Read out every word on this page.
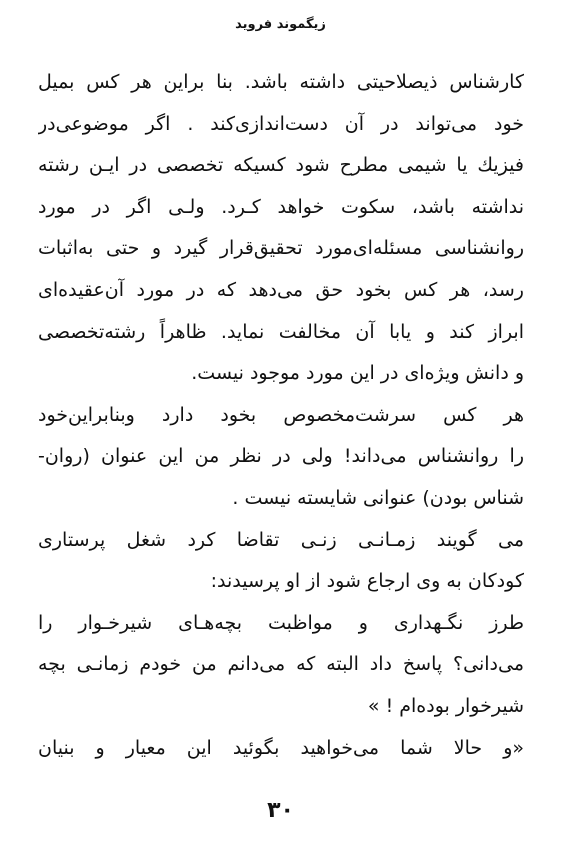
زیگموند فروید
کارشناس ذیصلاحیتی داشته باشد. بنا براین هر کس بمیل
خود می‌تواند در آن دست‌اندازی‌کند . اگر موضوعی‌در
فیزیك یا شیمی مطرح شود کسیکه تخصصی در ایـن رشته
نداشته باشد، سکوت خواهد کـرد. ولـی اگر در مورد
روانشناسی مسئله‌ای‌مورد تحقیق‌قرار گیرد و حتی به‌اثبات
رسد، هر کس بخود حق می‌دهد که در مورد آن‌عقیده‌ای
ابراز کند و یابا آن مخالفت نماید. ظاهراً رشته‌تخصصی
و دانش ویژه‌ای در این مورد موجود نیست.
هر کس سرشت‌مخصوص بخود دارد و‌بنا‌براین‌خود
را روانشناس می‌داند! ولی در نظر من این عنوان (روان-
شناس بودن) عنوانی شایسته نیست .
می گویند زمـانـی زنـی تقاضا کرد شغل پرستاری
کودکان به وی ارجاع شود از او پرسیدند:
طرز نگـهداری و مواظبت بچه‌هـای شیرخـوار را
می‌دانی؟ پاسخ داد البته که می‌دانم من خودم زمانـی بچه
شیرخوار بوده‌ام ! »
«و حالا شما می‌خواهید بگوئید این معیار و بنیان
۳۰
